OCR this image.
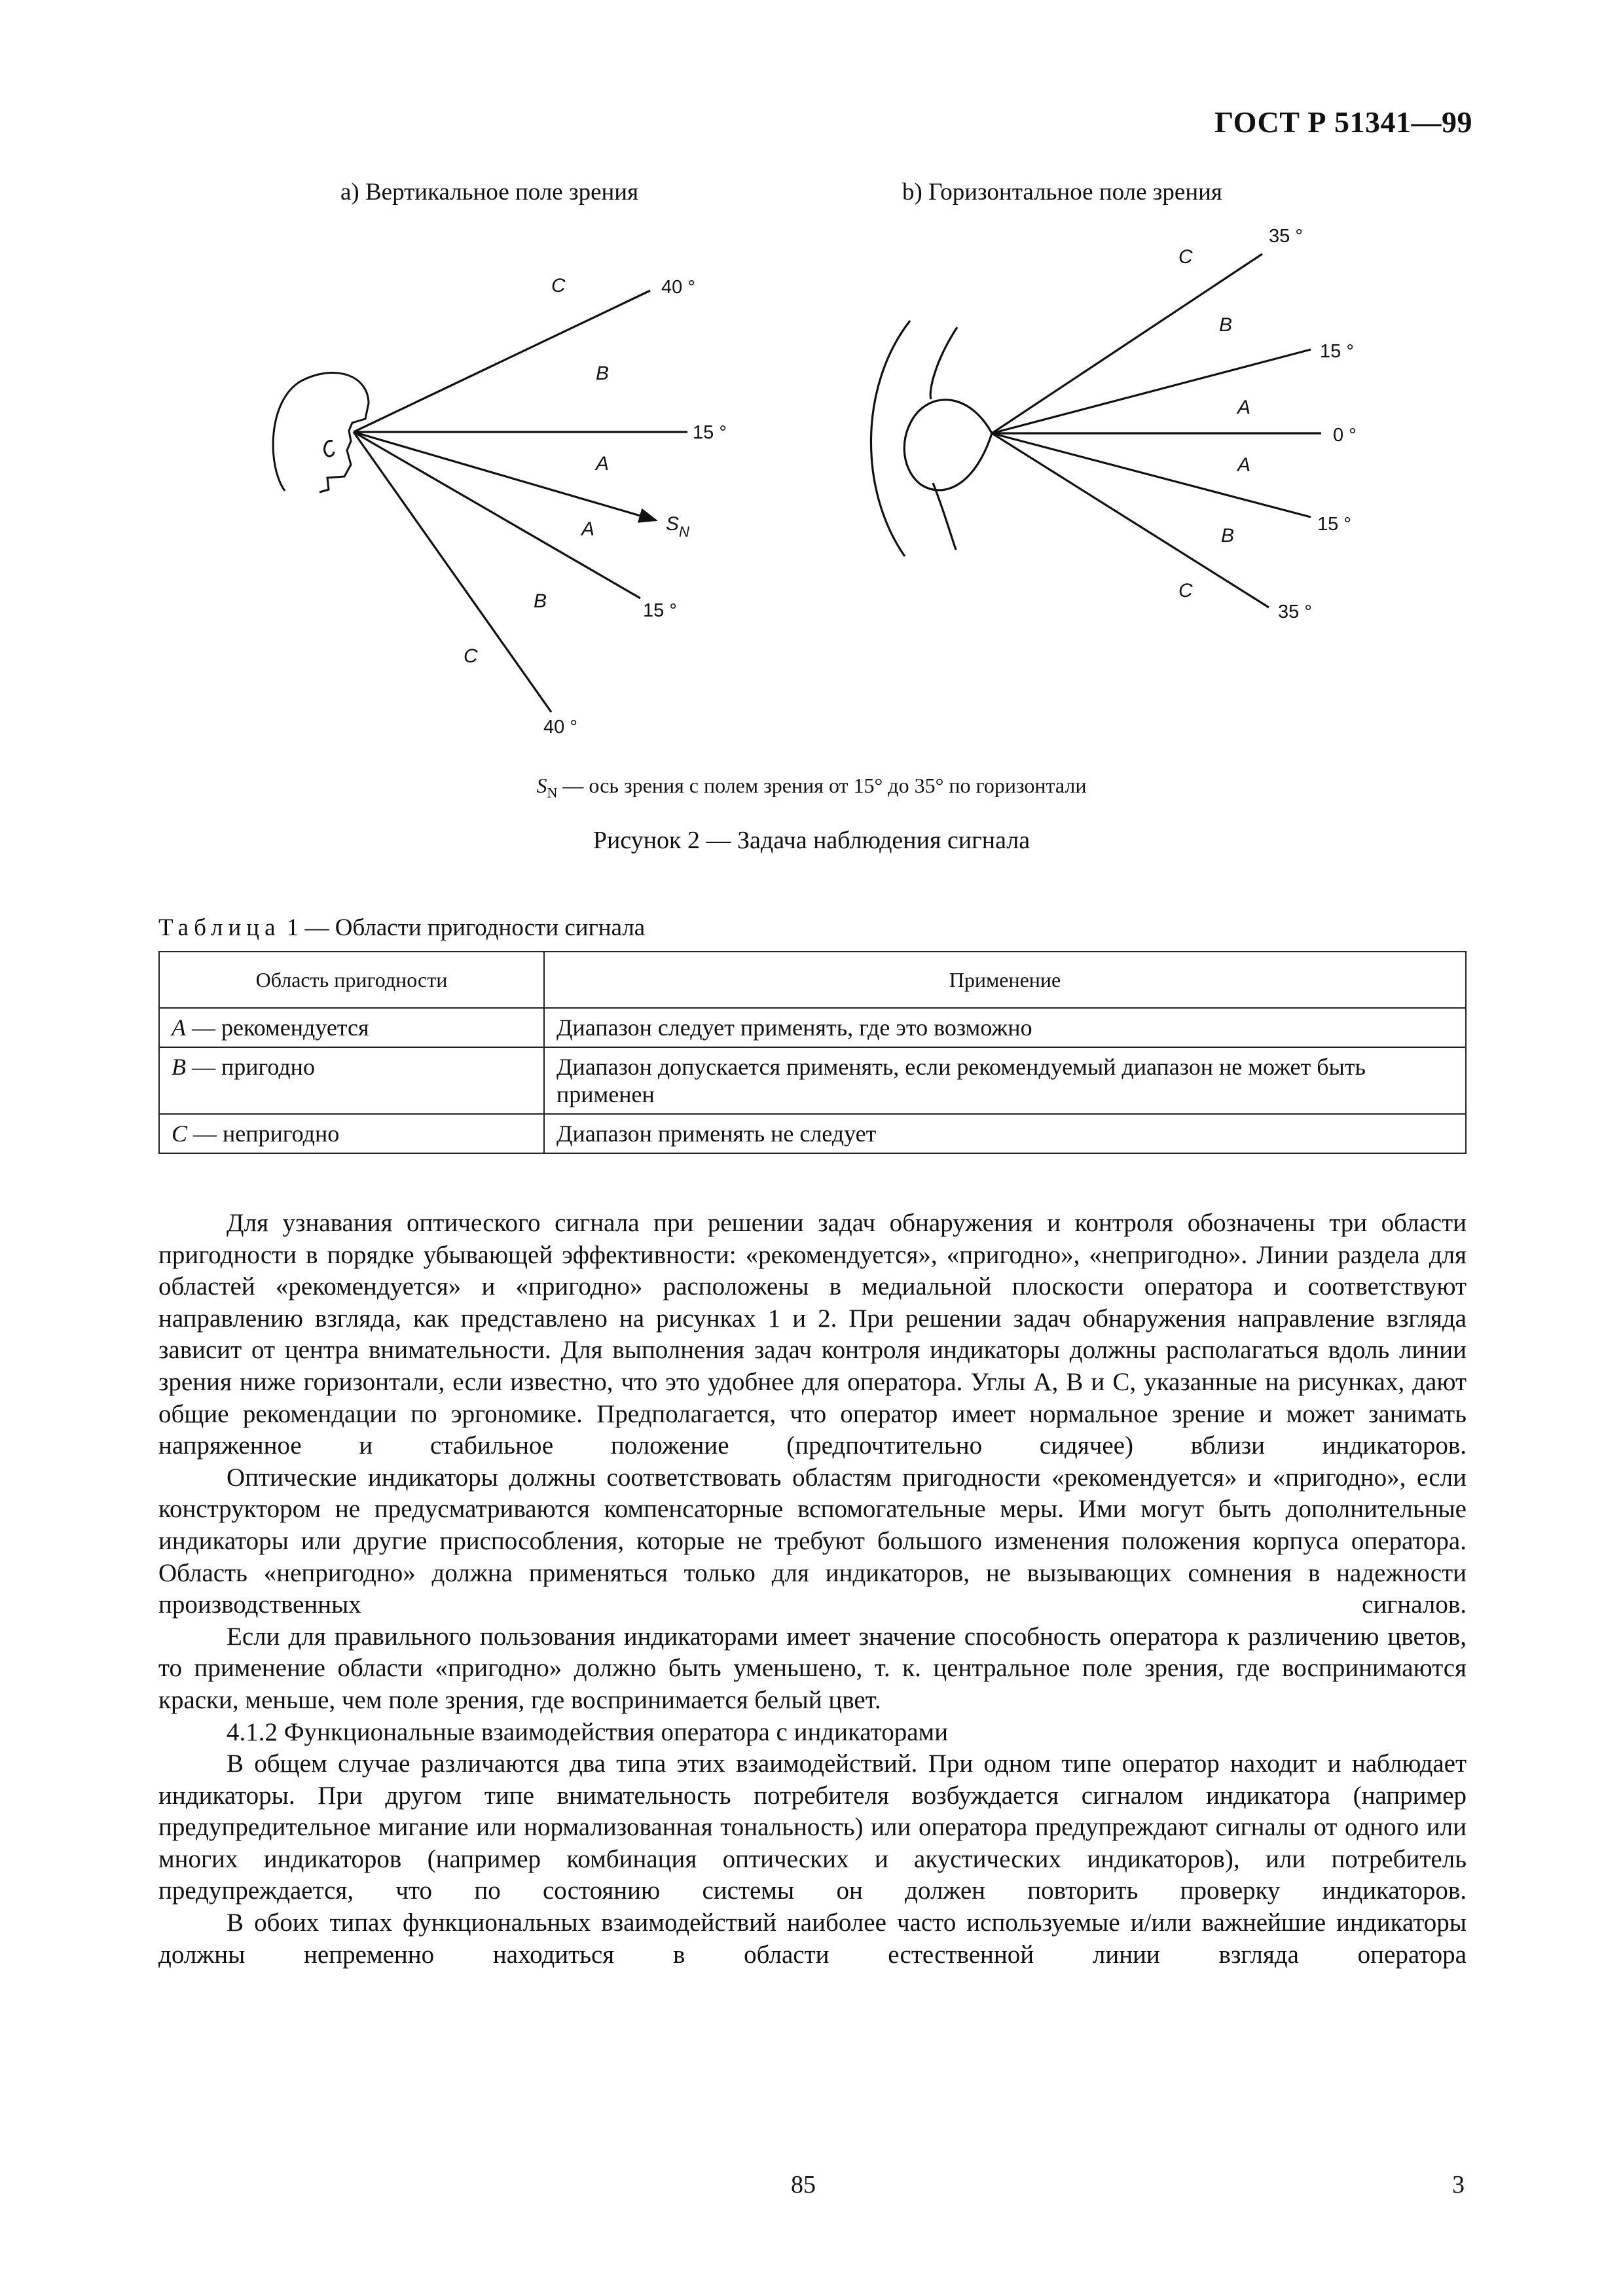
ГОСТ Р 51341—99
а) Вертикальное поле зрения	b) Горизонтальное поле зрения
C
B
A
A
B
C
$S_N$
40 °
15 °
15 °
40 °
C
B
A
A
B
C
35 °
15 °
0 °
15 °
35 °
$S_N$ — ось зрения с полем зрения от 15° до 35° по горизонтали
Рисунок 2 — Задача наблюдения сигнала
Таблица 1 — Области пригодности сигнала
Область пригодности	Применение
A — рекомендуется	Диапазон следует применять, где это возможно
B — пригодно	Диапазон допускается применять, если рекомендуемый диапазон не может быть применен
C — непригодно	Диапазон применять не следует

Для узнавания оптического сигнала при решении задач обнаружения и контроля обозначены три области пригодности в порядке убывающей эффективности: «рекомендуется», «пригодно», «непригодно». Линии раздела для областей «рекомендуется» и «пригодно» расположены в медиальной плоскости оператора и соответствуют направлению взгляда, как представлено на рисунках 1 и 2. При решении задач обнаружения направление взгляда зависит от центра внимательности. Для выполнения задач контроля индикаторы должны располагаться вдоль линии зрения ниже горизонтали, если известно, что это удобнее для оператора. Углы A, B и C, указанные на рисунках, дают общие рекомендации по эргономике. Предполагается, что оператор имеет нормальное зрение и может занимать напряженное и стабильное положение (предпочтительно сидячее) вблизи индикаторов.

Оптические индикаторы должны соответствовать областям пригодности «рекомендуется» и «пригодно», если конструктором не предусматриваются компенсаторные вспомогательные меры. Ими могут быть дополнительные индикаторы или другие приспособления, которые не требуют большого изменения положения корпуса оператора. Область «непригодно» должна применяться только для индикаторов, не вызывающих сомнения в надежности производственных сигналов.

Если для правильного пользования индикаторами имеет значение способность оператора к различению цветов, то применение области «пригодно» должно быть уменьшено, т. к. центральное поле зрения, где воспринимаются краски, меньше, чем поле зрения, где воспринимается белый цвет.

4.1.2 Функциональные взаимодействия оператора с индикаторами

В общем случае различаются два типа этих взаимодействий. При одном типе оператор находит и наблюдает индикаторы. При другом типе внимательность потребителя возбуждается сигналом индикатора (например предупредительное мигание или нормализованная тональность) или оператора предупреждают сигналы от одного или многих индикаторов (например комбинация оптических и акустических индикаторов), или потребитель предупреждается, что по состоянию системы он должен повторить проверку индикаторов.

В обоих типах функциональных взаимодействий наиболее часто используемые и/или важнейшие индикаторы должны непременно находиться в области естественной линии взгляда оператора

85	3
